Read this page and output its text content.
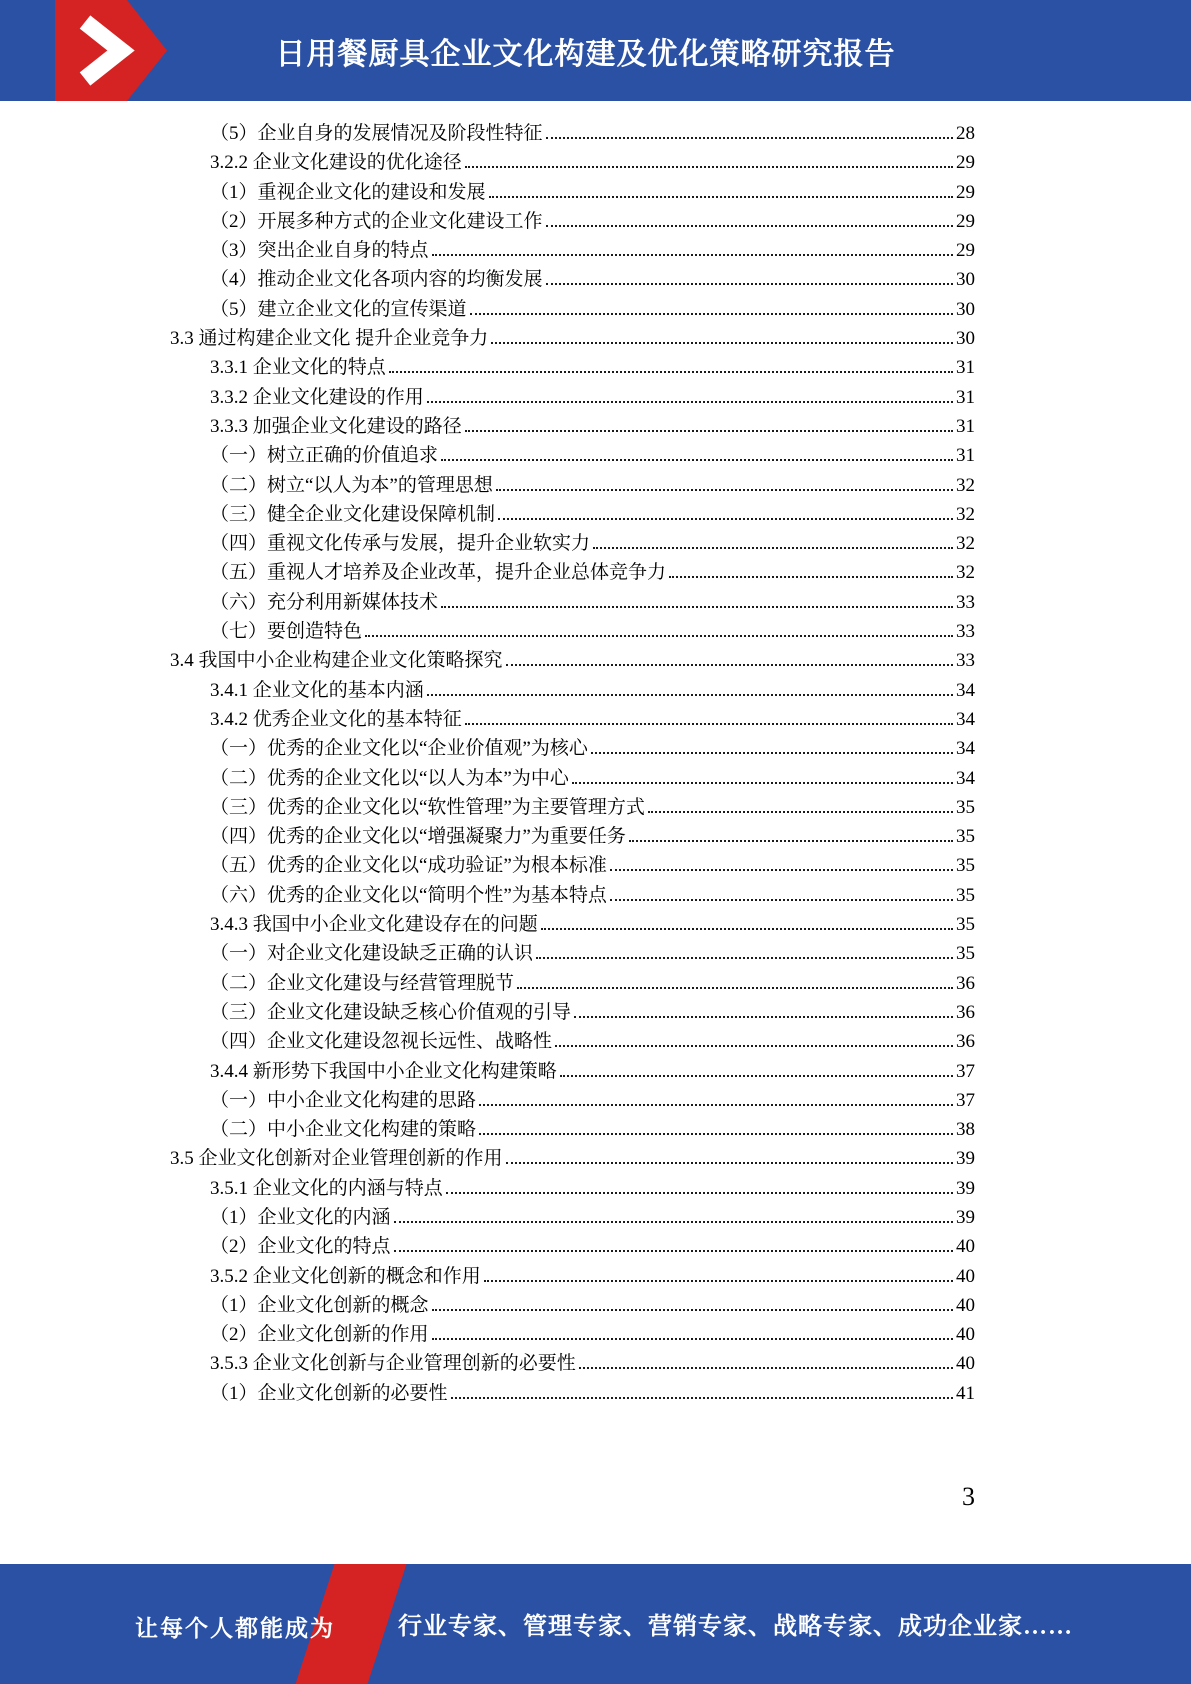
日用餐厨具企业文化构建及优化策略研究报告
（5）企业自身的发展情况及阶段性特征	28
3.2.2 企业文化建设的优化途径	29
（1）重视企业文化的建设和发展	29
（2）开展多种方式的企业文化建设工作	29
（3）突出企业自身的特点	29
（4）推动企业文化各项内容的均衡发展	30
（5）建立企业文化的宣传渠道	30
3.3 通过构建企业文化 提升企业竞争力	30
3.3.1 企业文化的特点	31
3.3.2 企业文化建设的作用	31
3.3.3 加强企业文化建设的路径	31
（一）树立正确的价值追求	31
（二）树立“以人为本”的管理思想	32
（三）健全企业文化建设保障机制	32
（四）重视文化传承与发展，提升企业软实力	32
（五）重视人才培养及企业改革，提升企业总体竞争力	32
（六）充分利用新媒体技术	33
（七）要创造特色	33
3.4 我国中小企业构建企业文化策略探究	33
3.4.1 企业文化的基本内涵	34
3.4.2 优秀企业文化的基本特征	34
（一）优秀的企业文化以“企业价值观”为核心	34
（二）优秀的企业文化以“以人为本”为中心	34
（三）优秀的企业文化以“软性管理”为主要管理方式	35
（四）优秀的企业文化以“增强凝聚力”为重要任务	35
（五）优秀的企业文化以“成功验证”为根本标准	35
（六）优秀的企业文化以“简明个性”为基本特点	35
3.4.3 我国中小企业文化建设存在的问题	35
（一）对企业文化建设缺乏正确的认识	35
（二）企业文化建设与经营管理脱节	36
（三）企业文化建设缺乏核心价值观的引导	36
（四）企业文化建设忽视长远性、战略性	36
3.4.4 新形势下我国中小企业文化构建策略	37
（一）中小企业文化构建的思路	37
（二）中小企业文化构建的策略	38
3.5 企业文化创新对企业管理创新的作用	39
3.5.1 企业文化的内涵与特点	39
（1）企业文化的内涵	39
（2）企业文化的特点	40
3.5.2 企业文化创新的概念和作用	40
（1）企业文化创新的概念	40
（2）企业文化创新的作用	40
3.5.3 企业文化创新与企业管理创新的必要性	40
（1）企业文化创新的必要性	41
3
让每个人都能成为	行业专家、管理专家、营销专家、战略专家、成功企业家……
